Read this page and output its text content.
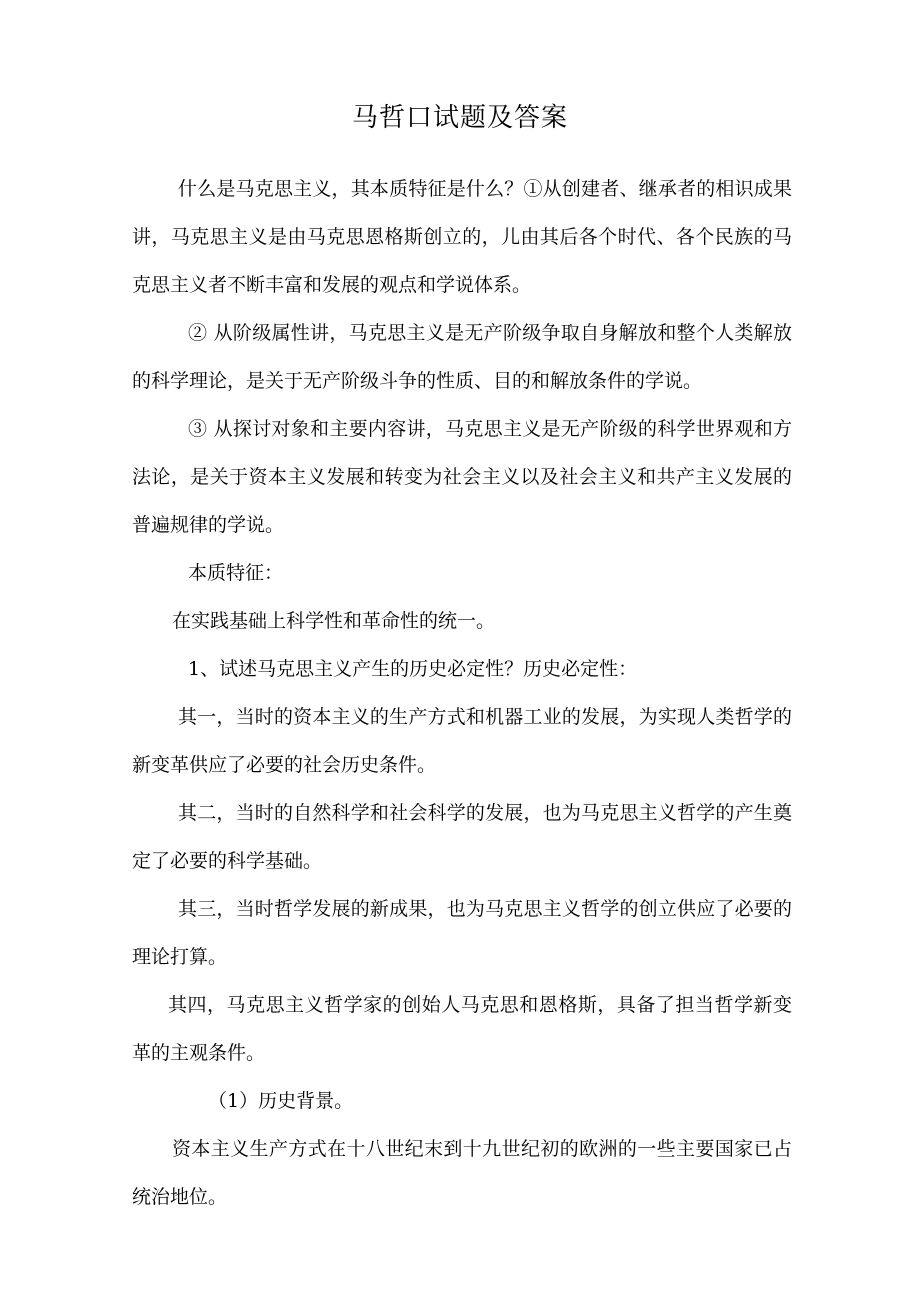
马哲口试题及答案

什么是马克思主义，其本质特征是什么？①从创建者、继承者的相识成果讲，马克思主义是由马克思恩格斯创立的，儿由其后各个时代、各个民族的马克思主义者不断丰富和发展的观点和学说体系。

② 从阶级属性讲，马克思主义是无产阶级争取自身解放和整个人类解放的科学理论，是关于无产阶级斗争的性质、目的和解放条件的学说。

③ 从探讨对象和主要内容讲，马克思主义是无产阶级的科学世界观和方法论，是关于资本主义发展和转变为社会主义以及社会主义和共产主义发展的普遍规律的学说。

本质特征：

在实践基础上科学性和革命性的统一。

1、试述马克思主义产生的历史必定性？历史必定性：

其一，当时的资本主义的生产方式和机器工业的发展，为实现人类哲学的新变革供应了必要的社会历史条件。

其二，当时的自然科学和社会科学的发展，也为马克思主义哲学的产生奠定了必要的科学基础。

其三，当时哲学发展的新成果，也为马克思主义哲学的创立供应了必要的理论打算。

其四，马克思主义哲学家的创始人马克思和恩格斯，具备了担当哲学新变革的主观条件。

（1）历史背景。

资本主义生产方式在十八世纪末到十九世纪初的欧洲的一些主要国家已占统治地位。
